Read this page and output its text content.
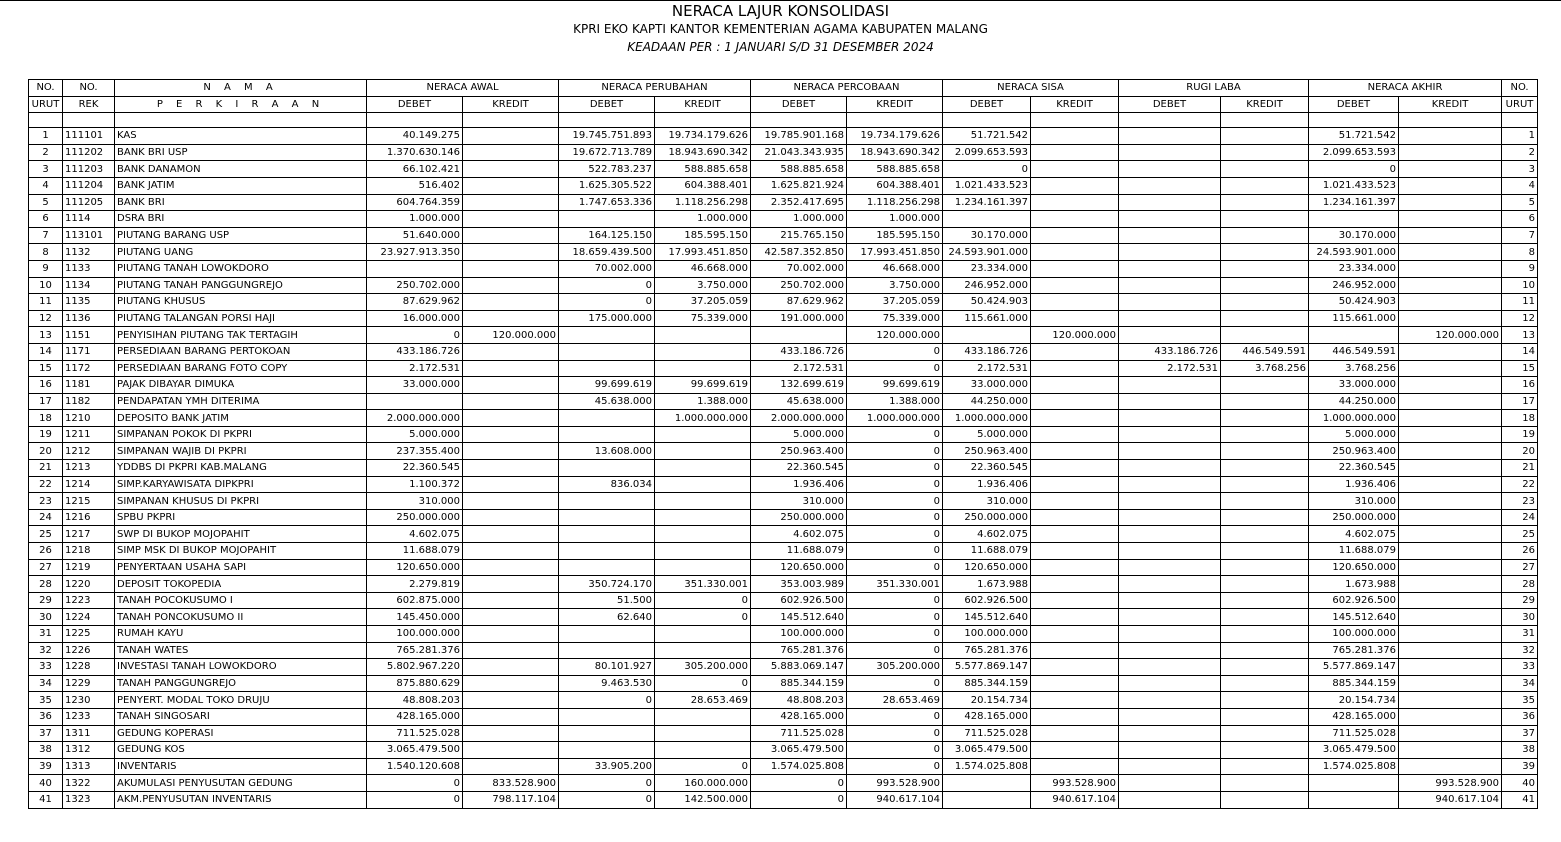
NERACA LAJUR KONSOLIDASI
KPRI EKO KAPTI KANTOR KEMENTERIAN AGAMA KABUPATEN MALANG
KEADAAN PER : 1 JANUARI S/D 31 DESEMBER 2024
NO.	NO.	N A M A	NERACA AWAL		NERACA PERUBAHAN		NERACA PERCOBAAN		NERACA SISA		RUGI LABA		NERACA AKHIR		NO.
URUT	REK	P E R K I R A A N	DEBET	KREDIT	DEBET	KREDIT	DEBET	KREDIT	DEBET	KREDIT	DEBET	KREDIT	DEBET	KREDIT	URUT

1	111101	KAS	40.149.275		19.745.751.893	19.734.179.626	19.785.901.168	19.734.179.626	51.721.542				51.721.542		1
2	111202	BANK BRI USP	1.370.630.146		19.672.713.789	18.943.690.342	21.043.343.935	18.943.690.342	2.099.653.593				2.099.653.593		2
3	111203	BANK DANAMON	66.102.421		522.783.237	588.885.658	588.885.658	588.885.658	0				0		3
4	111204	BANK JATIM	516.402		1.625.305.522	604.388.401	1.625.821.924	604.388.401	1.021.433.523				1.021.433.523		4
5	111205	BANK BRI	604.764.359		1.747.653.336	1.118.256.298	2.352.417.695	1.118.256.298	1.234.161.397				1.234.161.397		5
6	1114	DSRA BRI	1.000.000			1.000.000	1.000.000	1.000.000							6
7	113101	PIUTANG BARANG USP	51.640.000		164.125.150	185.595.150	215.765.150	185.595.150	30.170.000				30.170.000		7
8	1132	PIUTANG UANG	23.927.913.350		18.659.439.500	17.993.451.850	42.587.352.850	17.993.451.850	24.593.901.000				24.593.901.000		8
9	1133	PIUTANG TANAH LOWOKDORO			70.002.000	46.668.000	70.002.000	46.668.000	23.334.000				23.334.000		9
10	1134	PIUTANG TANAH PANGGUNGREJO	250.702.000		0	3.750.000	250.702.000	3.750.000	246.952.000				246.952.000		10
11	1135	PIUTANG KHUSUS	87.629.962		0	37.205.059	87.629.962	37.205.059	50.424.903				50.424.903		11
12	1136	PIUTANG TALANGAN PORSI HAJI	16.000.000		175.000.000	75.339.000	191.000.000	75.339.000	115.661.000				115.661.000		12
13	1151	PENYISIHAN PIUTANG TAK TERTAGIH	0	120.000.000				120.000.000		120.000.000				120.000.000	13
14	1171	PERSEDIAAN BARANG PERTOKOAN	433.186.726				433.186.726	0	433.186.726		433.186.726	446.549.591	446.549.591		14
15	1172	PERSEDIAAN BARANG FOTO COPY	2.172.531				2.172.531	0	2.172.531		2.172.531	3.768.256	3.768.256		15
16	1181	PAJAK DIBAYAR DIMUKA	33.000.000		99.699.619	99.699.619	132.699.619	99.699.619	33.000.000				33.000.000		16
17	1182	PENDAPATAN YMH DITERIMA			45.638.000	1.388.000	45.638.000	1.388.000	44.250.000				44.250.000		17
18	1210	DEPOSITO BANK JATIM	2.000.000.000			1.000.000.000	2.000.000.000	1.000.000.000	1.000.000.000				1.000.000.000		18
19	1211	SIMPANAN POKOK DI PKPRI	5.000.000				5.000.000	0	5.000.000				5.000.000		19
20	1212	SIMPANAN WAJIB DI PKPRI	237.355.400		13.608.000		250.963.400	0	250.963.400				250.963.400		20
21	1213	YDDBS DI PKPRI KAB.MALANG	22.360.545				22.360.545	0	22.360.545				22.360.545		21
22	1214	SIMP.KARYAWISATA DIPKPRI	1.100.372		836.034		1.936.406	0	1.936.406				1.936.406		22
23	1215	SIMPANAN KHUSUS DI PKPRI	310.000				310.000	0	310.000				310.000		23
24	1216	SPBU PKPRI	250.000.000				250.000.000	0	250.000.000				250.000.000		24
25	1217	SWP DI BUKOP MOJOPAHIT	4.602.075				4.602.075	0	4.602.075				4.602.075		25
26	1218	SIMP MSK DI BUKOP MOJOPAHIT	11.688.079				11.688.079	0	11.688.079				11.688.079		26
27	1219	PENYERTAAN USAHA SAPI	120.650.000				120.650.000	0	120.650.000				120.650.000		27
28	1220	DEPOSIT TOKOPEDIA	2.279.819		350.724.170	351.330.001	353.003.989	351.330.001	1.673.988				1.673.988		28
29	1223	TANAH POCOKUSUMO I	602.875.000		51.500	0	602.926.500	0	602.926.500				602.926.500		29
30	1224	TANAH PONCOKUSUMO II	145.450.000		62.640	0	145.512.640	0	145.512.640				145.512.640		30
31	1225	RUMAH KAYU	100.000.000				100.000.000	0	100.000.000				100.000.000		31
32	1226	TANAH WATES	765.281.376				765.281.376	0	765.281.376				765.281.376		32
33	1228	INVESTASI TANAH LOWOKDORO	5.802.967.220		80.101.927	305.200.000	5.883.069.147	305.200.000	5.577.869.147				5.577.869.147		33
34	1229	TANAH PANGGUNGREJO	875.880.629		9.463.530	0	885.344.159	0	885.344.159				885.344.159		34
35	1230	PENYERT. MODAL TOKO DRUJU	48.808.203		0	28.653.469	48.808.203	28.653.469	20.154.734				20.154.734		35
36	1233	TANAH SINGOSARI	428.165.000				428.165.000	0	428.165.000				428.165.000		36
37	1311	GEDUNG KOPERASI	711.525.028				711.525.028	0	711.525.028				711.525.028		37
38	1312	GEDUNG KOS	3.065.479.500				3.065.479.500	0	3.065.479.500				3.065.479.500		38
39	1313	INVENTARIS	1.540.120.608		33.905.200	0	1.574.025.808	0	1.574.025.808				1.574.025.808		39
40	1322	AKUMULASI PENYUSUTAN GEDUNG	0	833.528.900	0	160.000.000	0	993.528.900		993.528.900				993.528.900	40
41	1323	AKM.PENYUSUTAN INVENTARIS	0	798.117.104	0	142.500.000	0	940.617.104		940.617.104				940.617.104	41
